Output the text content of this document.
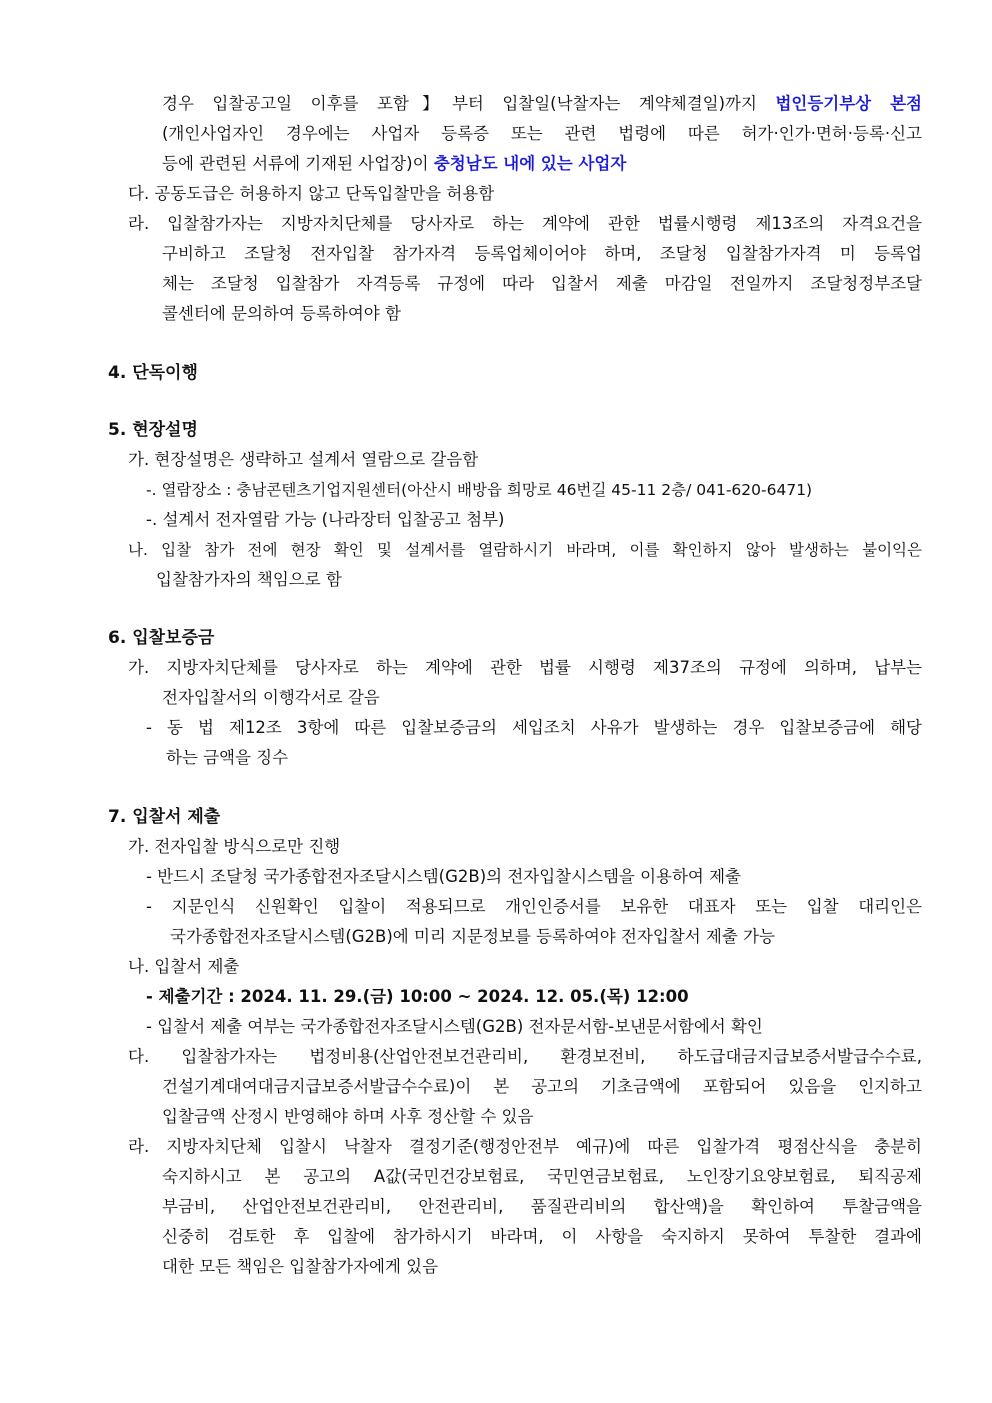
경우 입찰공고일 이후를 포함】부터 입찰일(낙찰자는 계약체결일)까지 법인등기부상 본점
(개인사업자인 경우에는 사업자 등록증 또는 관련 법령에 따른 허가·인가·면허·등록·신고
등에 관련된 서류에 기재된 사업장)이 충청남도 내에 있는 사업자
다. 공동도급은 허용하지 않고 단독입찰만을 허용함
라. 입찰참가자는 지방자치단체를 당사자로 하는 계약에 관한 법률시행령 제13조의 자격요건을
구비하고 조달청 전자입찰 참가자격 등록업체이어야 하며, 조달청 입찰참가자격 미 등록업
체는 조달청 입찰참가 자격등록 규정에 따라 입찰서 제출 마감일 전일까지 조달청정부조달
콜센터에 문의하여 등록하여야 함
4. 단독이행
5. 현장설명
가. 현장설명은 생략하고 설계서 열람으로 갈음함
-. 열람장소 : 충남콘텐츠기업지원센터(아산시 배방읍 희망로 46번길 45-11 2층/ 041-620-6471)
-. 설계서 전자열람 가능 (나라장터 입찰공고 첨부)
나. 입찰 참가 전에 현장 확인 및 설계서를 열람하시기 바라며, 이를 확인하지 않아 발생하는 불이익은
입찰참가자의 책임으로 함
6. 입찰보증금
가. 지방자치단체를 당사자로 하는 계약에 관한 법률 시행령 제37조의 규정에 의하며, 납부는
전자입찰서의 이행각서로 갈음
- 동 법 제12조 3항에 따른 입찰보증금의 세입조치 사유가 발생하는 경우 입찰보증금에 해당
하는 금액을 징수
7. 입찰서 제출
가. 전자입찰 방식으로만 진행
- 반드시 조달청 국가종합전자조달시스템(G2B)의 전자입찰시스템을 이용하여 제출
- 지문인식 신원확인 입찰이 적용되므로 개인인증서를 보유한 대표자 또는 입찰 대리인은
국가종합전자조달시스템(G2B)에 미리 지문정보를 등록하여야 전자입찰서 제출 가능
나. 입찰서 제출
- 제출기간 : 2024. 11. 29.(금) 10:00 ~ 2024. 12. 05.(목) 12:00
- 입찰서 제출 여부는 국가종합전자조달시스템(G2B) 전자문서함-보낸문서함에서 확인
다. 입찰참가자는 법정비용(산업안전보건관리비, 환경보전비, 하도급대금지급보증서발급수수료,
건설기계대여대금지급보증서발급수수료)이 본 공고의 기초금액에 포함되어 있음을 인지하고
입찰금액 산정시 반영해야 하며 사후 정산할 수 있음
라. 지방자치단체 입찰시 낙찰자 결정기준(행정안전부 예규)에 따른 입찰가격 평점산식을 충분히
숙지하시고 본 공고의 A값(국민건강보험료, 국민연금보험료, 노인장기요양보험료, 퇴직공제
부금비, 산업안전보건관리비, 안전관리비, 품질관리비의 합산액)을 확인하여 투찰금액을
신중히 검토한 후 입찰에 참가하시기 바라며, 이 사항을 숙지하지 못하여 투찰한 결과에
대한 모든 책임은 입찰참가자에게 있음
